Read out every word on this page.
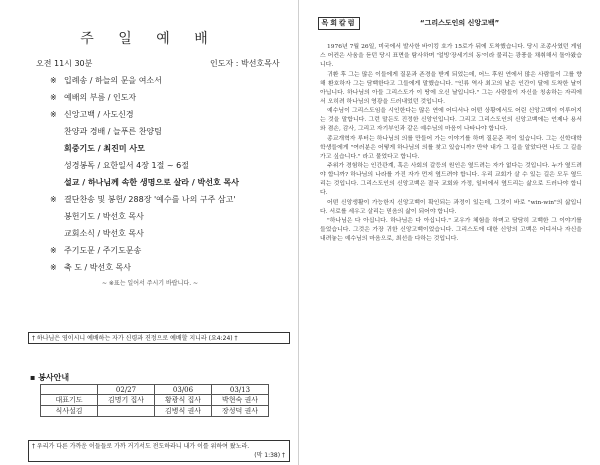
주 일 예 배
오전 11시 30분	인도자 : 박선호목사
※ 입례송 / 하늘의 문을 여소서
※ 예배의 부름 / 인도자
※ 신앙고백 / 사도신경
찬양과 경배 / 늘푸른 찬양팀
회중기도 / 최진미 사모
성경봉독 / 요한일서 4장 1절 ~ 6절
설교 / 하나님께 속한 생명으로 살라 / 박선호 목사
※ 결단찬송 및 봉헌/ 288장 '예수를 나의 구주 삼고'
봉헌기도 / 박선호 목사
교회소식 / 박선호 목사
※ 주기도문 / 주기도문송
※ 축 도 / 박선호 목사
~ ※표는 일어서 주시기 바랍니다. ~
† 하나님은 영이시니 예배하는 자가 신령과 진정으로 예배할 지니라 (요4:24) †
▪ 봉사안내
	02/27	03/06	03/13
대표기도	김명기 집사	황광식 집사	박현숙 권사
식사설김		김병식 권사	장성덕 권사
† 우리가 다른 가까운 이들들로 가까 거기서도 전도하라니 내가 이를 위하여 왔노라.
(막 1:38) †
목회칼럼	“그리스도인의 신앙고백”

1976년 7월 26일, 미국에서 발사한 바이킹 호가 15로가 뒤에 도착했습니다. 당시 조종사였던 게임스 어컨은 사움을 듣던 당시 표면을 탐사하며 '얼빙'장세기의 동'이라 불리는 광풍을 채취해서 돌아왔습니다.

귀환 후 그는 많은 이들에게 질문과 존경을 받게 되었는데, 어느 후원 연에서 많은 사람들이 그를 향해 환호하자 그는 담백한다고 그들에게 말했습니다. "인류 역사 최고의 날은 인간이 달에 도착한 날이 아닙니다. 하나님의 아들 그리스도가 이 땅에 오신 날입니다." 그는 사람들이 자신을 칭송하는 자리에서 오히려 하나님의 영광을 드러내었던 것입니다.

예수님이 그리스도임을 시인한다는 많은 연에 어디서나 어떤 상황에서도 어린 신앙고백이 이루어지는 것을 말합니다. 그런 말든도 진정한 신앙인입니다. 그리고 그리스도인의 신앙고백에는 언제나 용서와 겸손, 감사, 그리고 자기부인과 같은 예수님의 마음이 나타나야 합니다.

종교개혁자 루터는 하나님의 의를 만들어 가는 이야기를 하며 질문준 적이 있습니다. 그는 신학대학 학생들에게 "여러분은 어떻게 하나님의 의를 찾고 있습니까? 만약 내가 그 길을 알았다면 나도 그 길을 가고 싶습니다." 라고 물었다고 합니다.

주위가 경험하는 인간관계, 혹은 사회의 갈등의 원인은 옆드려는 자가 없다는 것입니다. 누가 옆드려야 합니까? 하나님의 나라를 가진 자가 먼저 옆드려야 합니다. 우리 교회가 살 수 있는 길은 모두 옆드리는 것입니다. 그리스도인의 신앙고백은 결국 교회와 가정, 일터에서 옆드리는 삶으로 드러나야 합니다.

어떤 신앙생활이 가능한지 신앙고백이 확인되는 과정이 있는데, 그것이 바로 "win-win"의 삶입니다. 서로를 세우고 살리는 믿음의 삶이 되어야 합니다.

"하나님은 다 아십니다. 하나님은 다 아십니다." 교우가 체험을 하며고 담담히 고백한 그 이야기를 들었습니다. 그것은 가장 귀한 신앙고백이었습니다. 그리스도에 대한 신앙의 고백은 어디서나 자신을 내려놓는 예수님의 마음으로, 최선을 다하는 것입니다.
